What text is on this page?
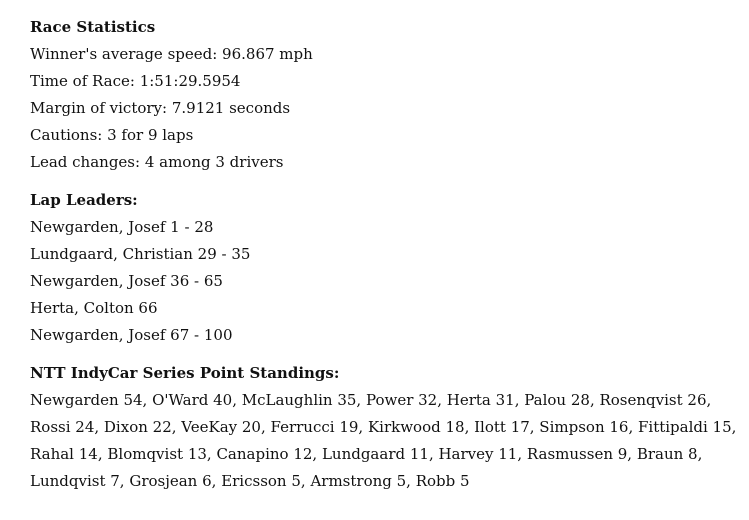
Race Statistics
Winner's average speed: 96.867 mph
Time of Race: 1:51:29.5954
Margin of victory: 7.9121 seconds
Cautions: 3 for 9 laps
Lead changes: 4 among 3 drivers
Lap Leaders:
Newgarden, Josef 1 - 28
Lundgaard, Christian 29 - 35
Newgarden, Josef 36 - 65
Herta, Colton 66
Newgarden, Josef 67 - 100
NTT IndyCar Series Point Standings:
Newgarden 54, O'Ward 40, McLaughlin 35, Power 32, Herta 31, Palou 28, Rosenqvist 26,
Rossi 24, Dixon 22, VeeKay 20, Ferrucci 19, Kirkwood 18, Ilott 17, Simpson 16, Fittipaldi 15,
Rahal 14, Blomqvist 13, Canapino 12, Lundgaard 11, Harvey 11, Rasmussen 9, Braun 8,
Lundqvist 7, Grosjean 6, Ericsson 5, Armstrong 5, Robb 5
